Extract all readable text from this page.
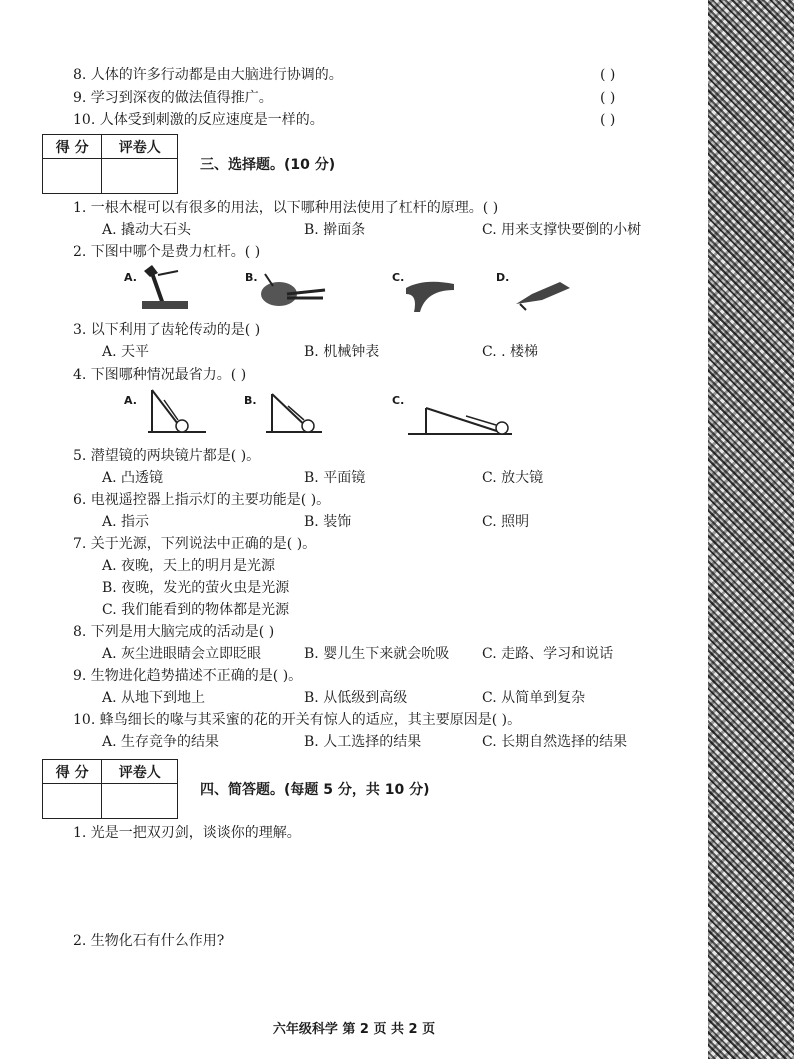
8. 人体的许多行动都是由大脑进行协调的。	( )
9. 学习到深夜的做法值得推广。	( )
10. 人体受到刺激的反应速度是一样的。	( )
得 分	评卷人

三、选择题。(10 分)
1. 一根木棍可以有很多的用法，以下哪种用法使用了杠杆的原理。( )
A. 撬动大石头	B. 擀面条	C. 用来支撑快要倒的小树
2. 下图中哪个是费力杠杆。( )
A.	B.	C.	D.
3. 以下利用了齿轮传动的是( )
A. 天平	B. 机械钟表	C. . 楼梯
4. 下图哪种情况最省力。( )
A.	B.	C.
5. 潜望镜的两块镜片都是( )。
A. 凸透镜	B. 平面镜	C. 放大镜
6. 电视遥控器上指示灯的主要功能是( )。
A. 指示	B. 装饰	C. 照明
7. 关于光源，下列说法中正确的是( )。
A. 夜晚，天上的明月是光源
B. 夜晚，发光的萤火虫是光源
C. 我们能看到的物体都是光源
8. 下列是用大脑完成的活动是( )
A. 灰尘进眼睛会立即眨眼	B. 婴儿生下来就会吮吸 C. 走路、学习和说话
9. 生物进化趋势描述不正确的是( )。
A. 从地下到地上	B. 从低级到高级	C. 从简单到复杂
10. 蜂鸟细长的喙与其采蜜的花的开关有惊人的适应，其主要原因是( )。
A. 生存竞争的结果	B. 人工选择的结果	C. 长期自然选择的结果
得 分	评卷人

四、简答题。(每题 5 分，共 10 分)
1. 光是一把双刃剑，谈谈你的理解。
2. 生物化石有什么作用?
六年级科学 第 2 页 共 2 页
